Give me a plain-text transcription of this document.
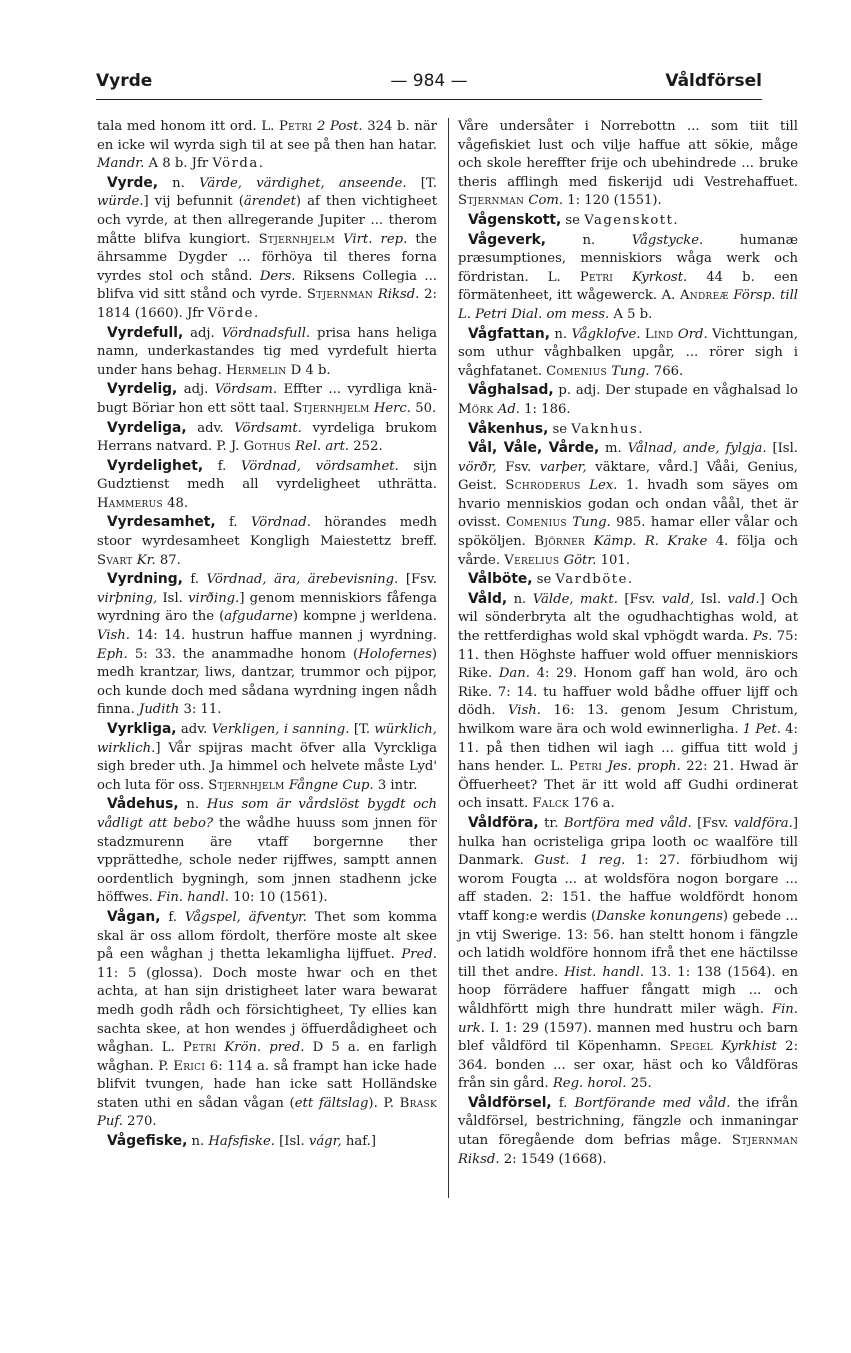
Vyrde	— 984 —	Våldförsel

tala med honom itt ord. L. Petri 2 Post. 324 b. när en icke wil wyrda sigh til at see på then han hatar. Mandr. A 8 b. Jfr Vörda.

Vyrde, n. Värde, värdighet, anseende. [T. würde.] vij befunnit (ärendet) af then vichtigheet och vyrde, at then allregerande Jupiter ... therom måtte blifva kungiort. Stjernhjelm Virt. rep. the ährsamme Dygder ... förhöya til theres forna vyrdes stol och stånd. Ders. Riksens Collegia ... blifva vid sitt stånd och vyrde. Stjernman Riksd. 2: 1814 (1660). Jfr Vörde.

Vyrdefull, adj. Vördnadsfull. prisa hans heliga namn, underkastandes tig med vyrdefult hierta under hans behag. Hermelin D 4 b.

Vyrdelig, adj. Vördsam. Effter ... vyrdliga knä-bugt Böriar hon ett sött taal. Stjernhjelm Herc. 50.

Vyrdeliga, adv. Vördsamt. vyrdeliga brukom Herrans natvard. P. J. Gothus Rel. art. 252.

Vyrdelighet, f. Vördnad, vördsamhet. sijn Gudztienst medh all vyrdeligheet uthrätta. Hammerus 48.

Vyrdesamhet, f. Vördnad. hörandes medh stoor wyrdesamheet Kongligh Maiestettz breff. Svart Kr. 87.

Vyrdning, f. Vördnad, ära, ärebevisning. [Fsv. virþning, Isl. virðing.] genom menniskiors fåfenga wyrdning äro the (afgudarne) kompne j werldena. Vish. 14: 14. hustrun haffue mannen j wyrdning. Eph. 5: 33. the anammadhe honom (Holofernes) medh krantzar, liws, dantzar, trummor och pijpor, och kunde doch med sådana wyrdning ingen nådh finna. Judith 3: 11.

Vyrkliga, adv. Verkligen, i sanning. [T. würklich, wirklich.] Vår spijras macht öfver alla Vyrckliga sigh breder uth. Ja himmel och helvete måste Lyd' och luta för oss. Stjernhjelm Fångne Cup. 3 intr.

Vådehus, n. Hus som är vårdslöst bygdt och vådligt att bebo? the wådhe huuss som jnnen för stadzmurenn äre vtaff borgernne ther vpprättedhe, schole neder rijffwes, samptt annen oordentlich bygningh, som jnnen stadhenn jcke höffwes. Fin. handl. 10: 10 (1561).

Vågan, f. Vågspel, äfventyr. Thet som komma skal är oss allom fördolt, therföre moste alt skee på een wåghan j thetta lekamligha lijffuet. Pred. 11: 5 (glossa). Doch moste hwar och en thet achta, at han sijn dristigheet later wara bewarat medh godh rådh och försichtigheet, Ty ellies kan sachta skee, at hon wendes j öffuerdådigheet och wåghan. L. Petri Krön. pred. D 5 a. en farligh wåghan. P. Erici 6: 114 a. så frampt han icke hade blifvit tvungen, hade han icke satt Holländske staten uthi en sådan vågan (ett fältslag). P. Brask Puf. 270.

Vågefiske, n. Hafsfiske. [Isl. vágr, haf.]

Våre undersåter i Norrebottn ... som tiit till vågefiskiet lust och vilje haffue att sökie, måge och skole hereffter frije och ubehindrede ... bruke theris afflingh med fiskerijd udi Vestrehaffuet. Stjernman Com. 1: 120 (1551).

Vågenskott, se Vagenskott.

Vågeverk, n. Vågstycke. humanæ præsumptiones, menniskiors wåga werk och fördristan. L. Petri Kyrkost. 44 b. een förmätenheet, itt wågewerck. A. Andreæ Försp. till L. Petri Dial. om mess. A 5 b.

Vågfattan, n. Vågklofve. Lind Ord. Vichttungan, som uthur våghbalken upgår, ... rörer sigh i våghfatanet. Comenius Tung. 766.

Våghalsad, p. adj. Der stupade en våghalsad lo Mörk Ad. 1: 186.

Våkenhus, se Vaknhus.

Vål, Våle, Vårde, m. Vålnad, ande, fylgja. [Isl. vörðr, Fsv. varþer, väktare, vård.] Vååi, Genius, Geist. Schroderus Lex. 1. hvadh som säyes om hvario menniskios godan och ondan våål, thet är ovisst. Comenius Tung. 985. hamar eller vålar och spököljen. Björner Kämp. R. Krake 4. följa och vårde. Verelius Götr. 101.

Vålböte, se Vardböte.

Våld, n. Välde, makt. [Fsv. vald, Isl. vald.] Och wil sönderbryta alt the ogudhachtighas wold, at the rettferdighas wold skal vphögdt warda. Ps. 75: 11. then Höghste haffuer wold offuer menniskiors Rike. Dan. 4: 29. Honom gaff han wold, äro och Rike. 7: 14. tu haffuer wold bådhe offuer lijff och dödh. Vish. 16: 13. genom Jesum Christum, hwilkom ware ära och wold ewinnerligha. 1 Pet. 4: 11. på then tidhen wil iagh ... giffua titt wold j hans hender. L. Petri Jes. proph. 22: 21. Hwad är Öffuerheet? Thet är itt wold aff Gudhi ordinerat och insatt. Falck 176 a.

Våldföra, tr. Bortföra med våld. [Fsv. valdföra.] hulka han ocristeliga gripa looth oc waalföre till Danmark. Gust. 1 reg. 1: 27. förbiudhom wij worom Fougta ... at woldsföra nogon borgare ... aff staden. 2: 151. the haffue woldfördt honom vtaff kong:e werdis (Danske konungens) gebede ... jn vtij Swerige. 13: 56. han steltt honom i fängzle och latidh woldföre honnom ifrå thet ene häctilsse till thet andre. Hist. handl. 13. 1: 138 (1564). en hoop förrädere haffuer fångatt migh ... och wåldhförtt migh thre hundratt miler wägh. Fin. urk. I. 1: 29 (1597). mannen med hustru och barn blef våldförd til Köpenhamn. Spegel Kyrkhist 2: 364. bonden ... ser oxar, häst och ko Våldföras från sin gård. Reg. horol. 25.

Våldförsel, f. Bortförande med våld. the ifrån våldförsel, bestrichning, fängzle och inmaningar utan föregående dom befrias måge. Stjernman Riksd. 2: 1549 (1668).
